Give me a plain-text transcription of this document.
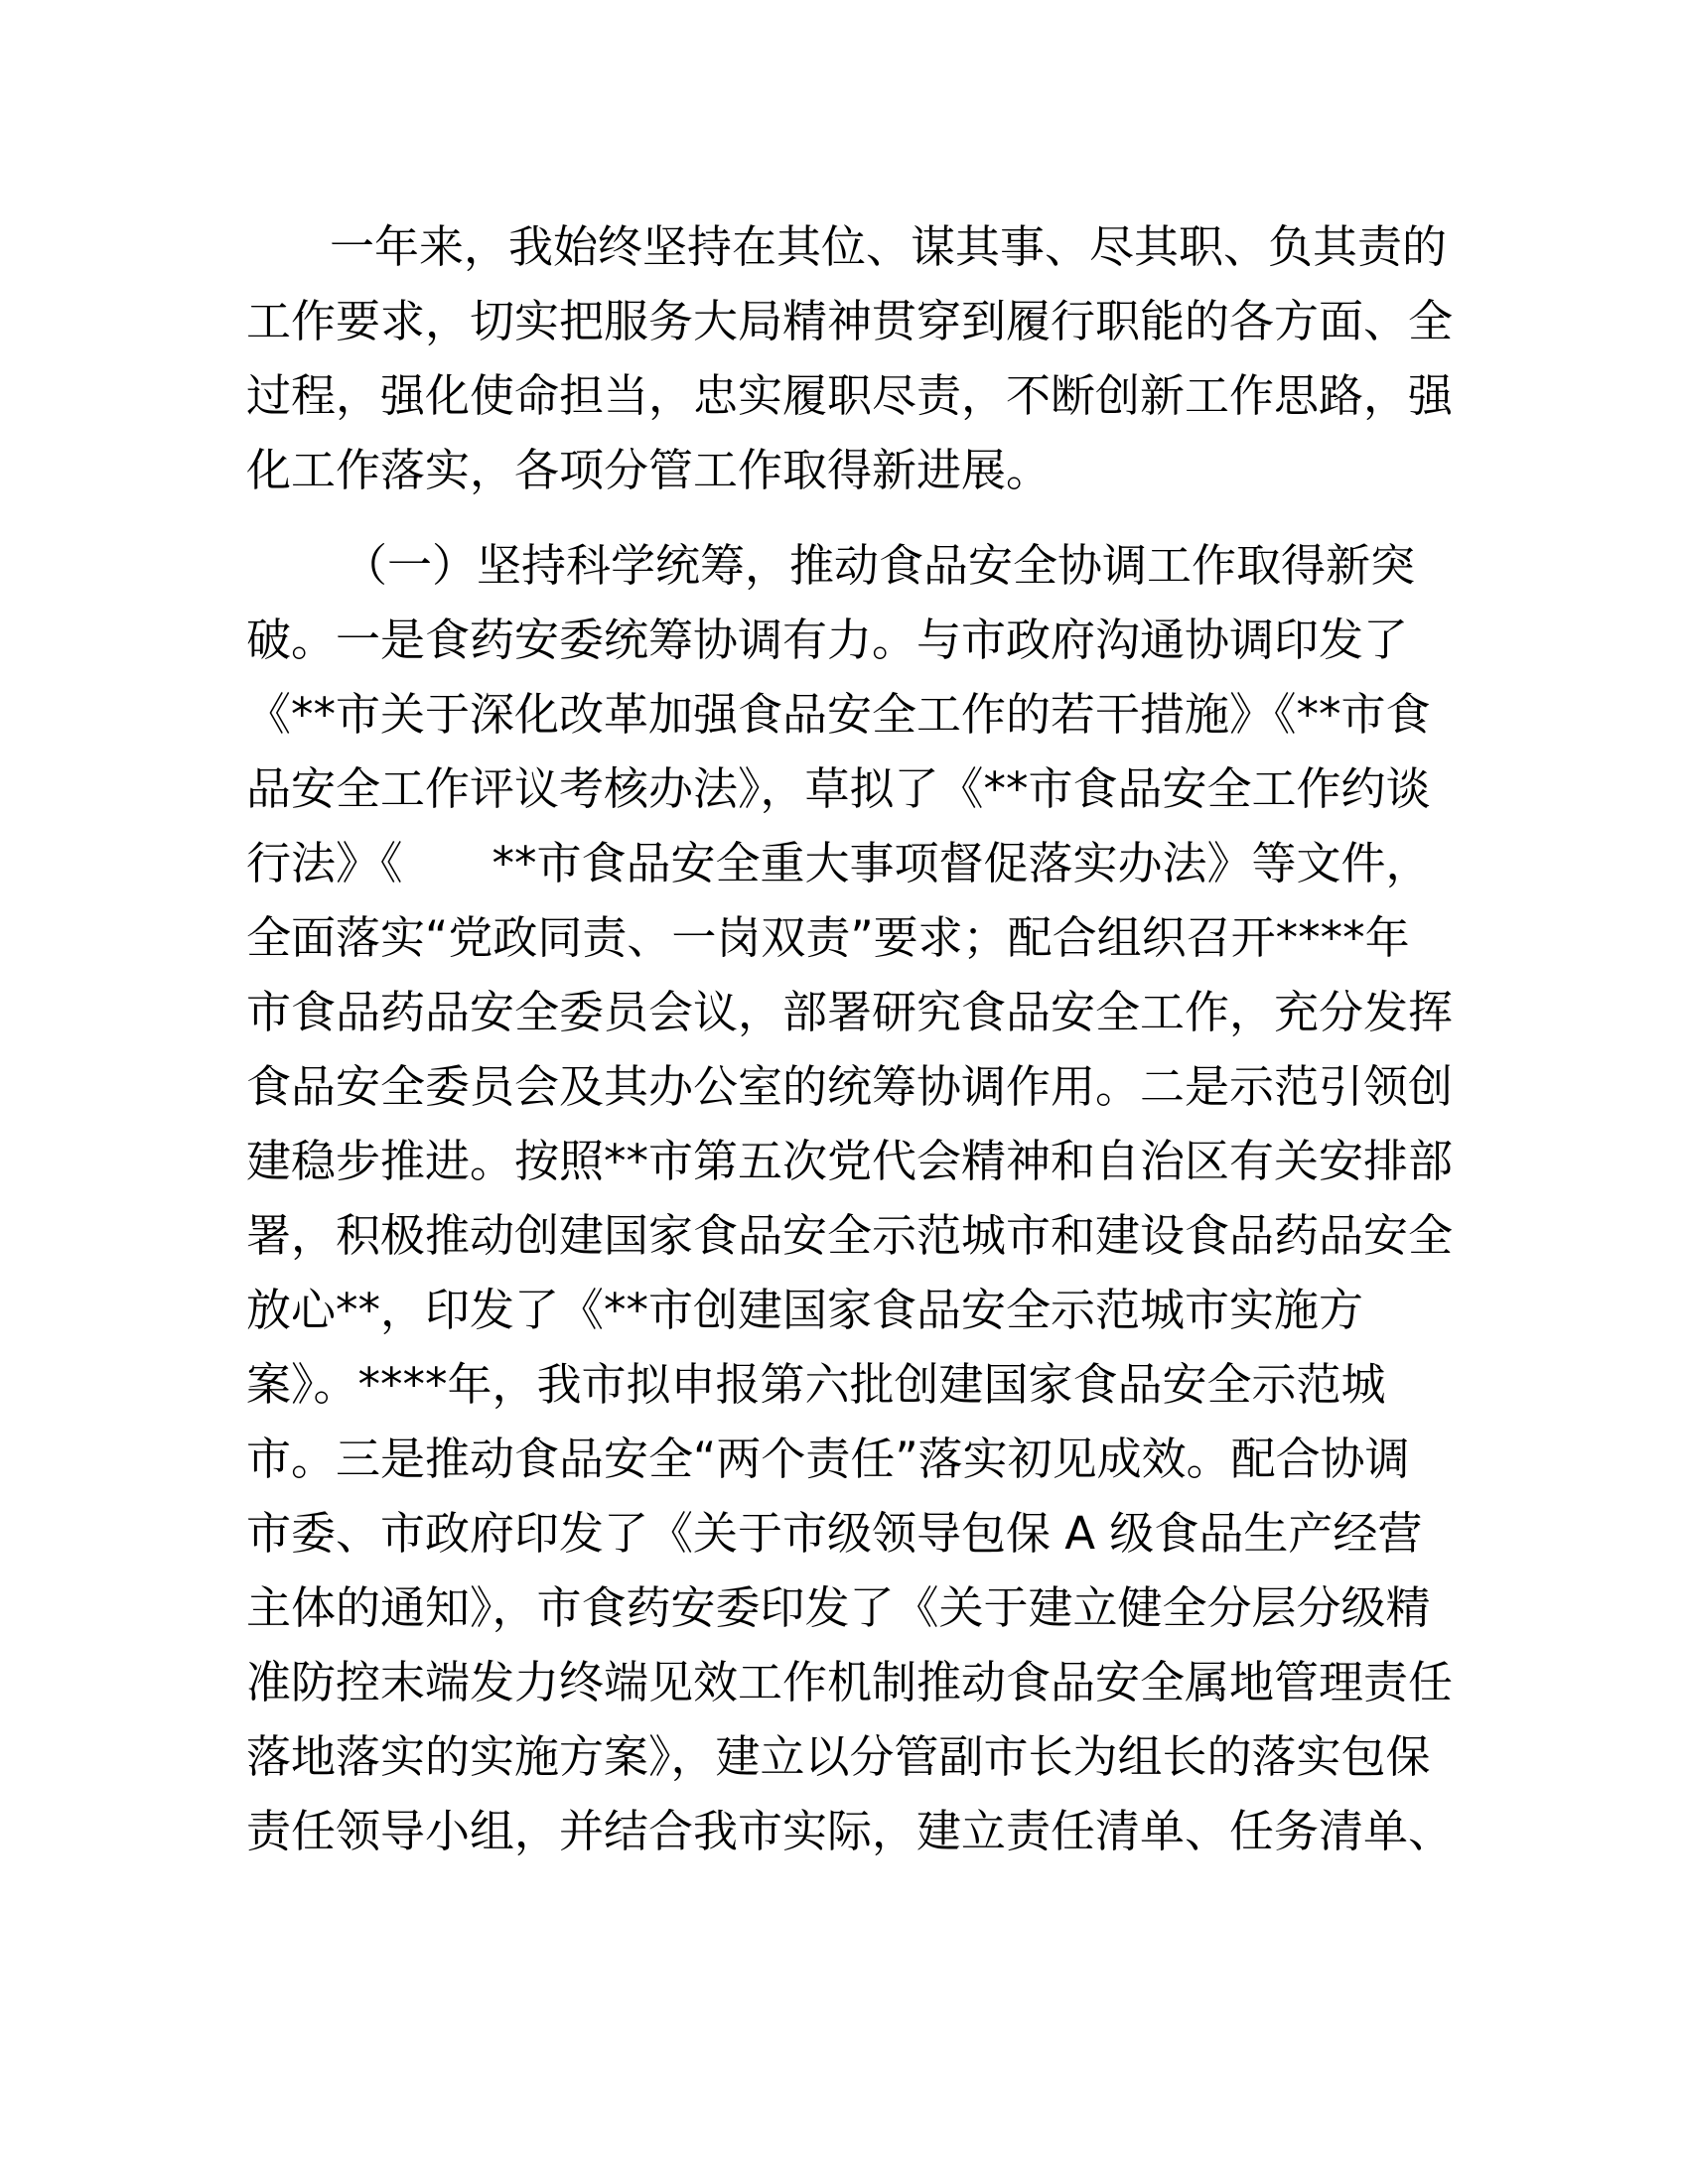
一年来，我始终坚持在其位、谋其事、尽其职、负其责的
工作要求，切实把服务大局精神贯穿到履行职能的各方面、全
过程，强化使命担当，忠实履职尽责，不断创新工作思路，强
化工作落实，各项分管工作取得新进展。
（一）坚持科学统筹，推动食品安全协调工作取得新突
破。一是食药安委统筹协调有力。与市政府沟通协调印发了
《**市关于深化改革加强食品安全工作的若干措施》《**市食
品安全工作评议考核办法》，草拟了《**市食品安全工作约谈
行法》《　　**市食品安全重大事项督促落实办法》等文件，
全面落实“党政同责、一岗双责”要求；配合组织召开****年
市食品药品安全委员会议，部署研究食品安全工作，充分发挥
食品安全委员会及其办公室的统筹协调作用。二是示范引领创
建稳步推进。按照**市第五次党代会精神和自治区有关安排部
署，积极推动创建国家食品安全示范城市和建设食品药品安全
放心**，印发了《**市创建国家食品安全示范城市实施方
案》。****年，我市拟申报第六批创建国家食品安全示范城
市。三是推动食品安全“两个责任”落实初见成效。配合协调
市委、市政府印发了《关于市级领导包保 A 级食品生产经营
主体的通知》，市食药安委印发了《关于建立健全分层分级精
准防控末端发力终端见效工作机制推动食品安全属地管理责任
落地落实的实施方案》，建立以分管副市长为组长的落实包保
责任领导小组，并结合我市实际，建立责任清单、任务清单、
